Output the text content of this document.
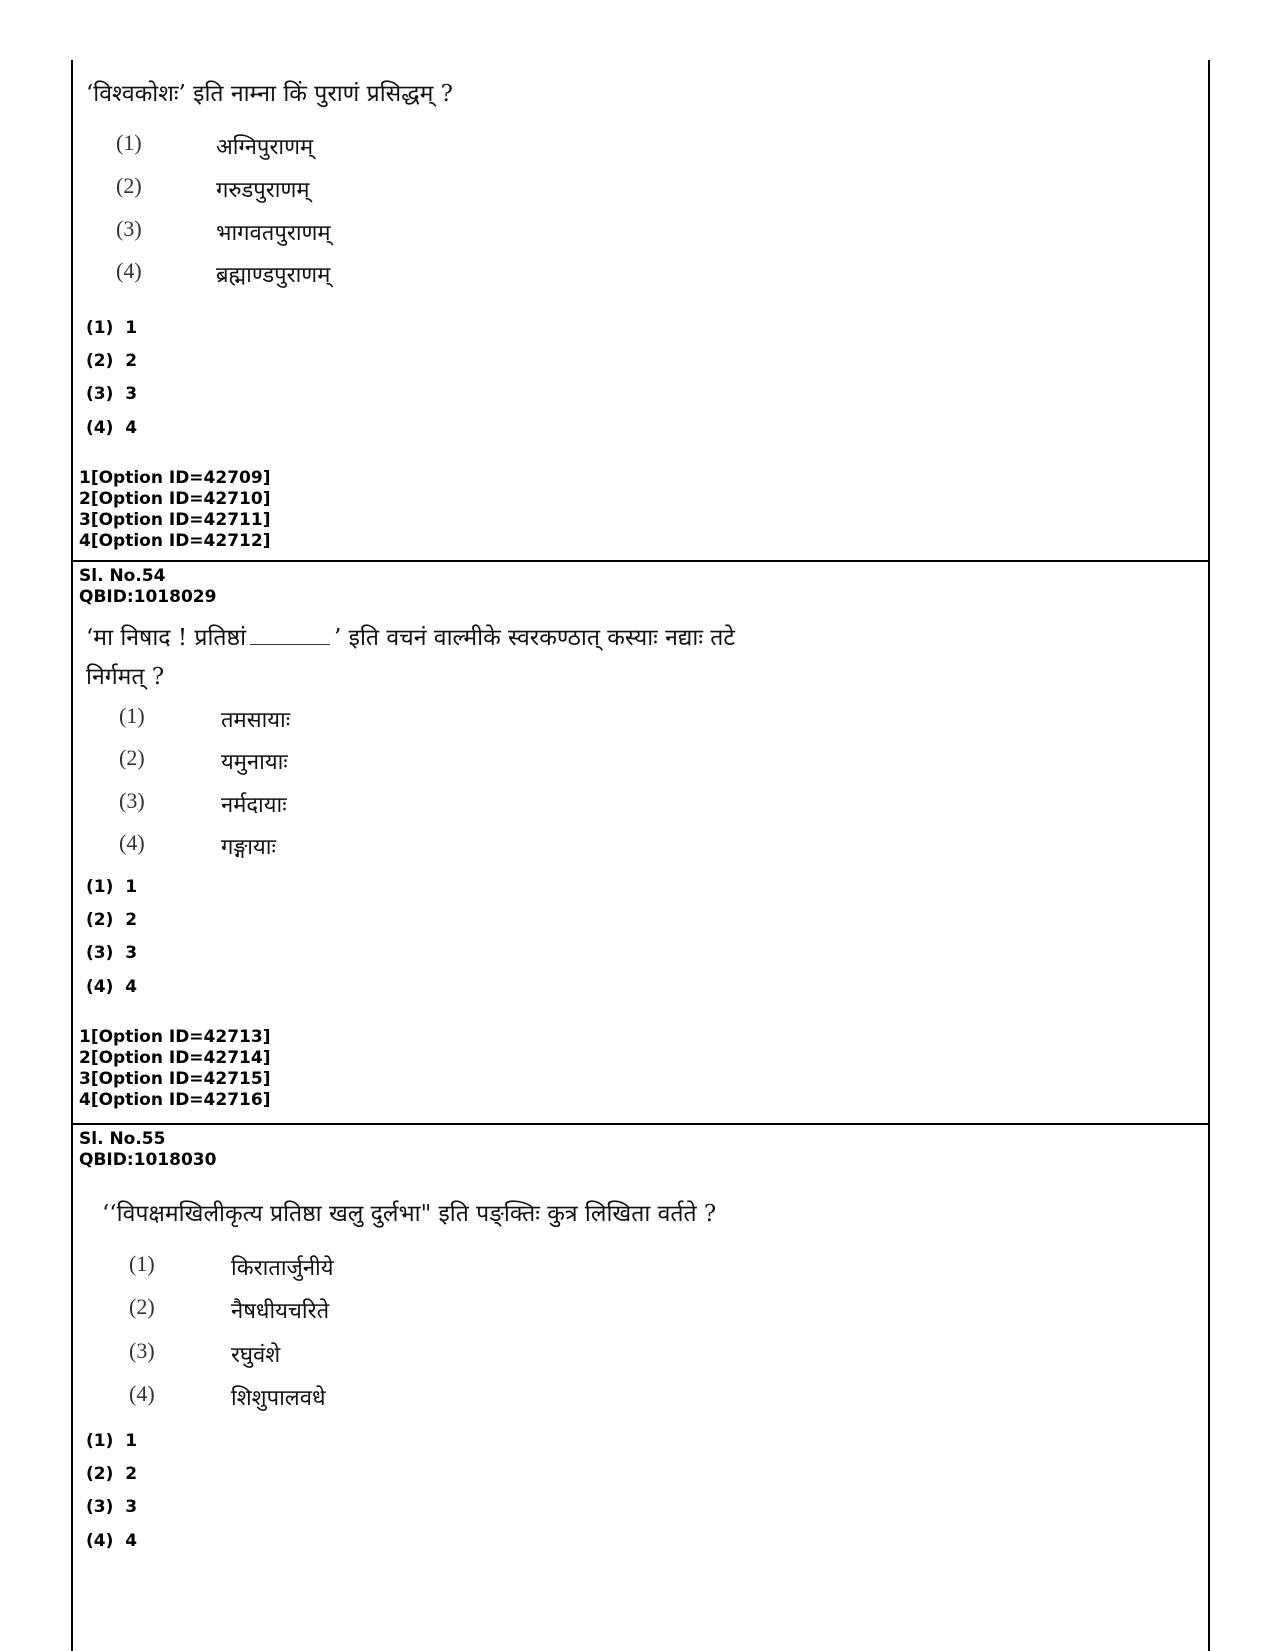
‘विश्वकोशः’ इति नाम्ना किं पुराणं प्रसिद्धम् ?
(1)	अग्निपुराणम्
(2)	गरुडपुराणम्
(3)	भागवतपुराणम्
(4)	ब्रह्माण्डपुराणम्
(1)  1
(2)  2
(3)  3
(4)  4
1[Option ID=42709]
2[Option ID=42710]
3[Option ID=42711]
4[Option ID=42712]
Sl. No.54
QBID:1018029
‘मा निषाद ! प्रतिष्ठां	’ इति वचनं वाल्मीके स्वरकण्ठात् कस्याः नद्याः तटे
निर्गमत् ?
(1)	तमसायाः
(2)	यमुनायाः
(3)	नर्मदायाः
(4)	गङ्गायाः
(1)  1
(2)  2
(3)  3
(4)  4
1[Option ID=42713]
2[Option ID=42714]
3[Option ID=42715]
4[Option ID=42716]
Sl. No.55
QBID:1018030
‘‘विपक्षमखिलीकृत्य प्रतिष्ठा खलु दुर्लभा" इति पङ्क्तिः कुत्र लिखिता वर्तते ?
(1)	किरातार्जुनीये
(2)	नैषधीयचरिते
(3)	रघुवंशे
(4)	शिशुपालवधे
(1)  1
(2)  2
(3)  3
(4)  4
